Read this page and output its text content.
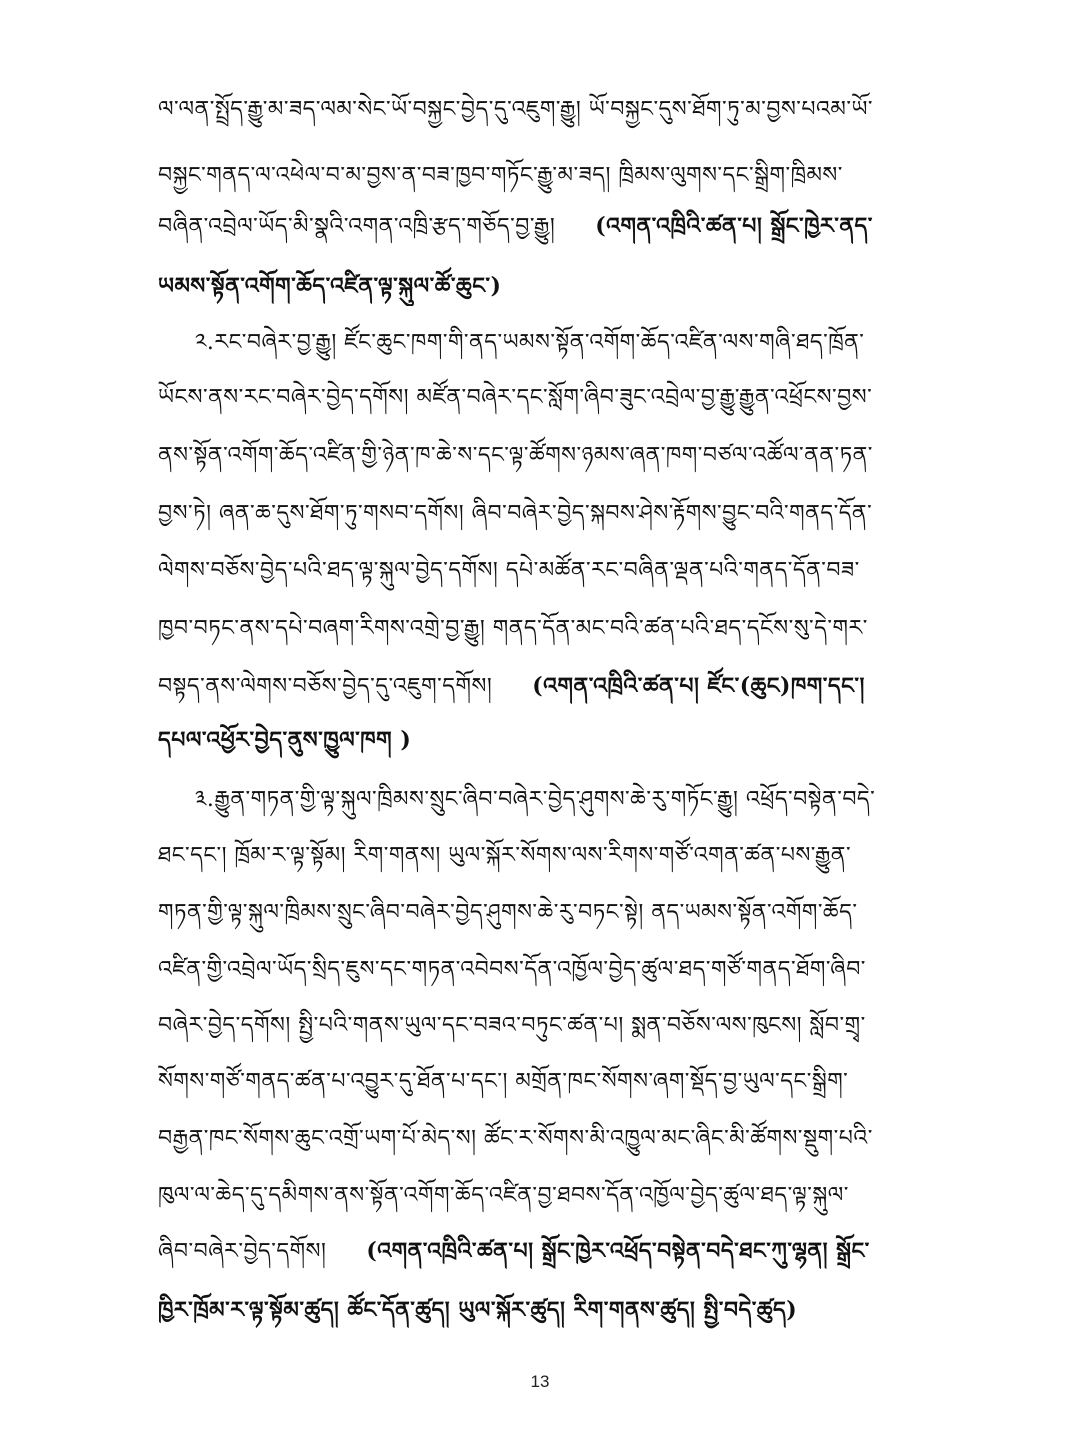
ལ་ལན་སྤྲོད་རྒྱུ་མ་ཟད་ལམ་སེང་ཡོ་བསྐྱང་བྱེད་དུ་འཇུག་རྒྱུ། ཡོ་བསྐྱང་དུས་ཐོག་ཏུ་མ་བྱས་པའམ་ཡོ་
བསྐྱང་གནད་ལ་འཕེལ་བ་མ་བྱས་ན་བཟ་ཁྱབ་གཏོང་རྒྱུ་མ་ཟད། ཁྲིམས་ལུགས་དང་སྒྲིག་ཁྲིམས་
བཞིན་འབྲེལ་ཡོད་མི་སྣའི་འགན་འཁྲི་རྩད་གཅོད་བྱ་རྒྱུ། (འགན་འཁྲིའི་ཚན་པ། སྒྲོང་ཁྱེར་ནད་
ཡམས་སྟོན་འགོག་ཆོད་འཛིན་ལྟ་སྐུལ་ཚོ་ཆུང་)
༢.རང་བཞེར་བྱ་རྒྱུ། ཛོང་ཆུང་ཁག་གི་ནད་ཡམས་སྟོན་འགོག་ཆོད་འཛིན་ལས་གཞི་ཐད་ཁྲོན་
ཡོངས་ནས་རང་བཞེར་བྱེད་དགོས། མཛོན་བཞེར་དང་སློག་ཞིབ་ཟུང་འབྲེལ་བྱ་རྒྱུ་རྒྱུན་འཕྲོངས་བྱས་
ནས་སྟོན་འགོག་ཆོད་འཛིན་གྱི་ཉེན་ཁ་ཆེ་ས་དང་ལྟ་ཚོགས་ཉམས་ཞན་ཁག་བཙལ་འཚོལ་ནན་ཏན་
བྱས་ཏེ། ཞན་ཆ་དུས་ཐོག་ཏུ་གསབ་དགོས། ཞིབ་བཞེར་བྱེད་སྐབས་ཤེས་རྟོགས་བྱུང་བའི་གནད་དོན་
ལེགས་བཅོས་བྱེད་པའི་ཐད་ལྟ་སྐུལ་བྱེད་དགོས། དཔེ་མཚོན་རང་བཞིན་ལྡན་པའི་གནད་དོན་བཟ་
ཁྱབ་བཏང་ནས་དཔེ་བཞག་རིགས་འགྲེ་བྱ་རྒྱུ། གནད་དོན་མང་བའི་ཚན་པའི་ཐད་དངོས་སུ་དེ་གར་
བསྟད་ནས་ལེགས་བཅོས་བྱེད་དུ་འཇུག་དགོས། (འགན་འཁྲིའི་ཚན་པ། ཛོང་(ཆུང)ཁག་དང་།
དཔལ་འཕྱོར་བྱེད་ནུས་ཁྱུལ་ཁག )
༣.རྒྱུན་གཏན་གྱི་ལྟ་སྐུལ་ཁྲིམས་སྲུང་ཞིབ་བཞེར་བྱེད་ཤུགས་ཆེ་རུ་གཏོང་རྒྱུ། འཕྲོད་བསྟེན་བདེ་
ཐང་དང་། ཁྲོམ་ར་ལྟ་སྟོམ། རིག་གནས། ཡུལ་སྐོར་སོགས་ལས་རིགས་གཙོ་འགན་ཚན་པས་རྒྱུན་
གཏན་གྱི་ལྟ་སྐུལ་ཁྲིམས་སྲུང་ཞིབ་བཞེར་བྱེད་ཤུགས་ཆེ་རུ་བཏང་སྟེ། ནད་ཡམས་སྟོན་འགོག་ཆོད་
འཛིན་གྱི་འབྲེལ་ཡོད་སྲིད་ཇུས་དང་གཏན་འབེབས་དོན་འཁྱོལ་བྱེད་ཚུལ་ཐད་གཙོ་གནད་ཐོག་ཞིབ་
བཞེར་བྱེད་དགོས། སྤྱི་པའི་གནས་ཡུལ་དང་བཟའ་བཏུང་ཚན་པ། སྨན་བཅོས་ལས་ཁུངས། སློབ་གྲྭ་
སོགས་གཙོ་གནད་ཚན་པ་འབྱུར་དུ་ཐོན་པ་དང་། མགྲོན་ཁང་སོགས་ཞག་སྡོད་བྱ་ཡུལ་དང་སྒྲིག་
བརྒྱན་ཁང་སོགས་ཆུང་འགྲོ་ཡག་པོ་མེད་ས། ཚོང་ར་སོགས་མི་འཁྱུལ་མང་ཞིང་མི་ཚོགས་སྡུག་པའི་
ཁུལ་ལ་ཆེད་དུ་དམིགས་ནས་སྟོན་འགོག་ཆོད་འཛིན་བྱ་ཐབས་དོན་འཁྱོལ་བྱེད་ཚུལ་ཐད་ལྟ་སྐུལ་
ཞིབ་བཞེར་བྱེད་དགོས། (འགན་འཁྲིའི་ཚན་པ། སྒྲོང་ཁྱེར་འཕྲོད་བསྟེན་བདེ་ཐང་ཀུ་ལྷན། སྒྲོང་
ཁྱིར་ཁྲོམ་ར་ལྟ་སྟོམ་ཚུད། ཚོང་དོན་ཚུད། ཡུལ་སྐོར་ཚུད། རིག་གནས་ཚུད། སྤྱི་བདེ་ཚུད)
13
